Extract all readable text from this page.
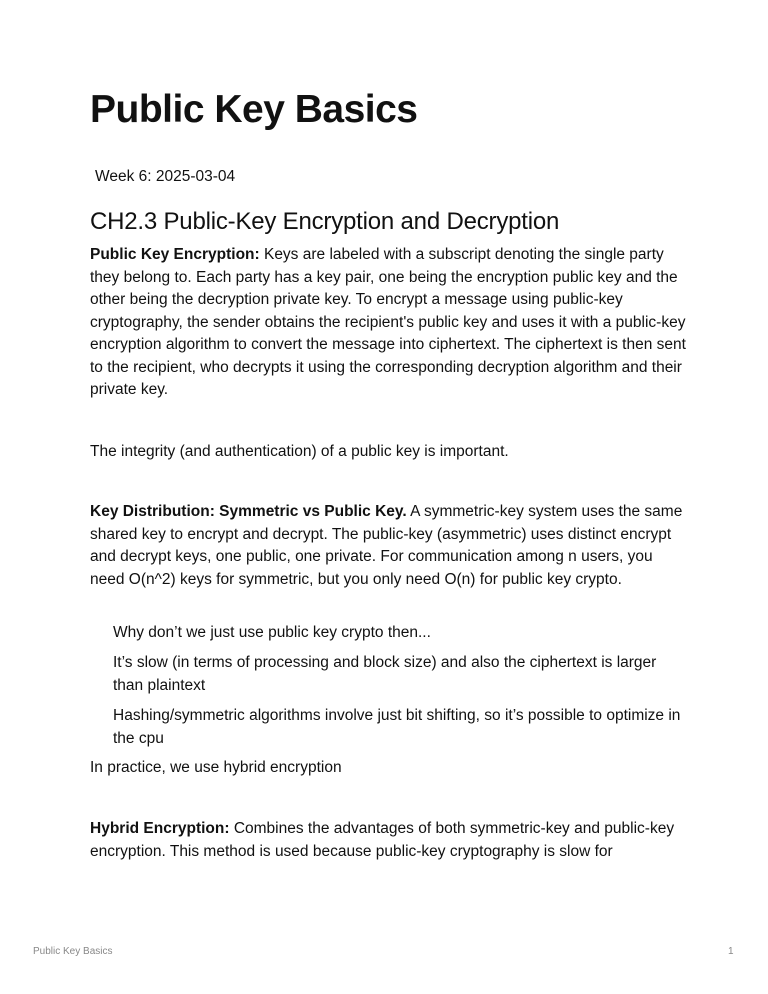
Public Key Basics
Week 6: 2025-03-04
CH2.3 Public-Key Encryption and Decryption

Public Key Encryption: Keys are labeled with a subscript denoting the single party they belong to. Each party has a key pair, one being the encryption public key and the other being the decryption private key. To encrypt a message using public-key cryptography, the sender obtains the recipient's public key and uses it with a public-key encryption algorithm to convert the message into ciphertext. The ciphertext is then sent to the recipient, who decrypts it using the corresponding decryption algorithm and their private key.

The integrity (and authentication) of a public key is important.

Key Distribution: Symmetric vs Public Key. A symmetric-key system uses the same shared key to encrypt and decrypt. The public-key (asymmetric) uses distinct encrypt and decrypt keys, one public, one private. For communication among n users, you need O(n^2) keys for symmetric, but you only need O(n) for public key crypto.

Why don’t we just use public key crypto then...

It’s slow (in terms of processing and block size) and also the ciphertext is larger than plaintext

Hashing/symmetric algorithms involve just bit shifting, so it’s possible to optimize in the cpu

In practice, we use hybrid encryption

Hybrid Encryption: Combines the advantages of both symmetric-key and public-key encryption. This method is used because public-key cryptography is slow for

Public Key Basics	1
